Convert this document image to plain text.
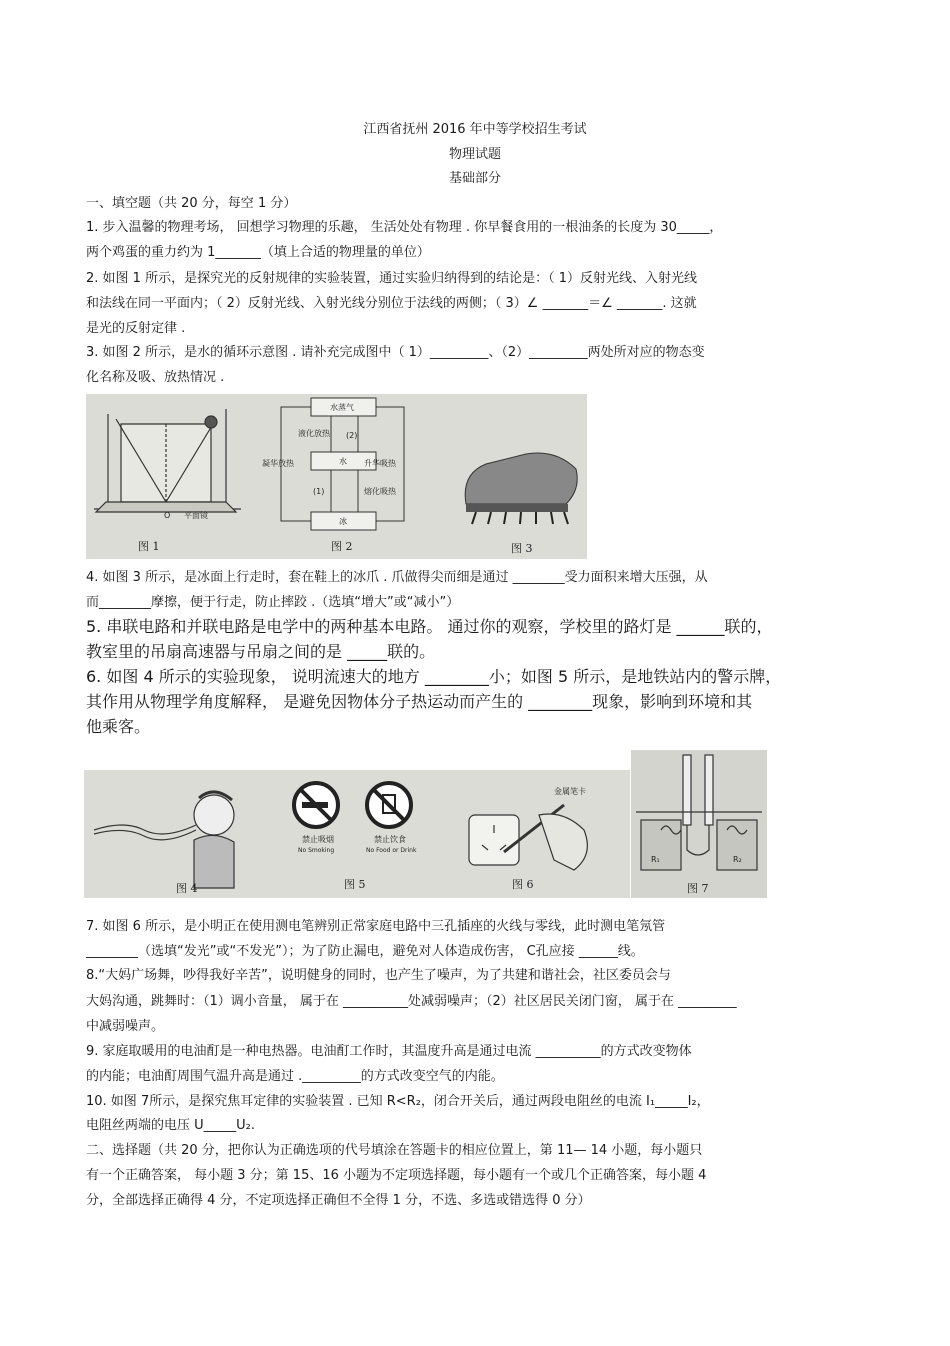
江西省抚州 2016 年中等学校招生考试
物理试题
基础部分
一、填空题（共 20 分，每空 1 分）
1. 步入温馨的物理考场， 回想学习物理的乐趣， 生活处处有物理 . 你早餐食用的一根油条的长度为 30_____，
两个鸡蛋的重力约为 1_______（填上合适的物理量的单位）
2. 如图 1 所示，是探究光的反射规律的实验装置，通过实验归纳得到的结论是：（ 1）反射光线、入射光线
和法线在同一平面内；（ 2）反射光线、入射光线分别位于法线的两侧；（ 3）∠ _______＝∠ _______. 这就
是光的反射定律 .
3. 如图 2 所示，是水的循环示意图 . 请补充完成图中（ 1）_________、（2）_________两处所对应的物态变
化名称及吸、放热情况 .
O 平面镜
图 1
水蒸气
水
冰
液化放热
凝华放热	升华吸热
熔化吸热
(2)
(1)
图 2	图 3
4. 如图 3 所示，是冰面上行走时，套在鞋上的冰爪 . 爪做得尖而细是通过 ________受力面积来增大压强，从
而________摩擦，便于行走，防止摔跤 .（选填“增大”或“减小”）
5. 串联电路和并联电路是电学中的两种基本电路。 通过你的观察，学校里的路灯是 ______联的，
教室里的吊扇高速器与吊扇之间的是 _____联的。
6. 如图 4 所示的实验现象， 说明流速大的地方 ________小；如图 5 所示，是地铁站内的警示牌，
其作用从物理学角度解释， 是避免因物体分子热运动而产生的 ________现象，影响到环境和其
他乘客。
图 4
禁止吸烟
No Smoking
禁止饮食
No Food or Drink
图 5
金属笔卡
图 6
R₁	R₂
图 7
7. 如图 6 所示，是小明正在使用测电笔辨别正常家庭电路中三孔插座的火线与零线，此时测电笔氖管
________（选填“发光”或“不发光”）；为了防止漏电，避免对人体造成伤害， C孔应接 ______线。
8.“大妈广场舞，吵得我好辛苦”，说明健身的同时，也产生了噪声，为了共建和谐社会，社区委员会与
大妈沟通，跳舞时：（1）调小音量， 属于在 __________处减弱噪声；（2）社区居民关闭门窗， 属于在 _________
中减弱噪声。
9. 家庭取暖用的电油酊是一种电热器。电油酊工作时，其温度升高是通过电流 __________的方式改变物体
的内能；电油酊周围气温升高是通过 ._________的方式改变空气的内能。
10. 如图 7所示，是探究焦耳定律的实验装置 . 已知 R<R₂，闭合开关后，通过两段电阻丝的电流 I₁_____I₂，
电阻丝两端的电压 U_____U₂.
二、选择题（共 20 分，把你认为正确选项的代号填涂在答题卡的相应位置上，第 11— 14 小题，每小题只
有一个正确答案， 每小题 3 分；第 15、16 小题为不定项选择题，每小题有一个或几个正确答案，每小题 4
分，全部选择正确得 4 分，不定项选择正确但不全得 1 分，不选、多选或错选得 0 分）
